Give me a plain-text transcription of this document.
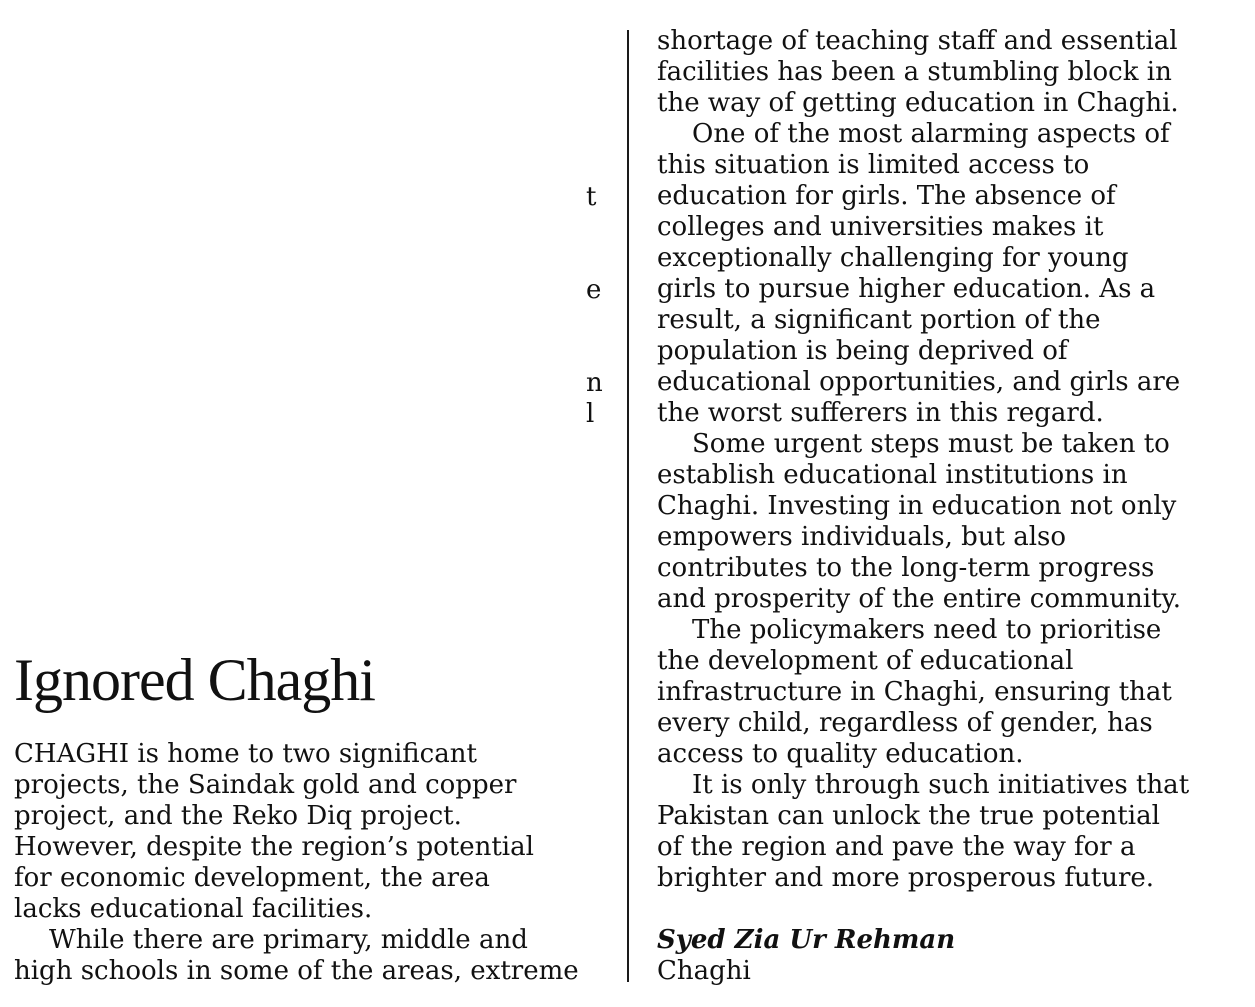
t
e
n
l
Ignored Chaghi
CHAGHI is home to two significant
projects, the Saindak gold and copper
project, and the Reko Diq project.
However, despite the region’s potential
for economic development, the area
lacks educational facilities.
While there are primary, middle and
high schools in some of the areas, extreme
shortage of teaching staff and essential
facilities has been a stumbling block in
the way of getting education in Chaghi.
One of the most alarming aspects of
this situation is limited access to
education for girls. The absence of
colleges and universities makes it
exceptionally challenging for young
girls to pursue higher education. As a
result, a significant portion of the
population is being deprived of
educational opportunities, and girls are
the worst sufferers in this regard.
Some urgent steps must be taken to
establish educational institutions in
Chaghi. Investing in education not only
empowers individuals, but also
contributes to the long-term progress
and prosperity of the entire community.
The policymakers need to prioritise
the development of educational
infrastructure in Chaghi, ensuring that
every child, regardless of gender, has
access to quality education.
It is only through such initiatives that
Pakistan can unlock the true potential
of the region and pave the way for a
brighter and more prosperous future.
Syed Zia Ur Rehman
Chaghi
